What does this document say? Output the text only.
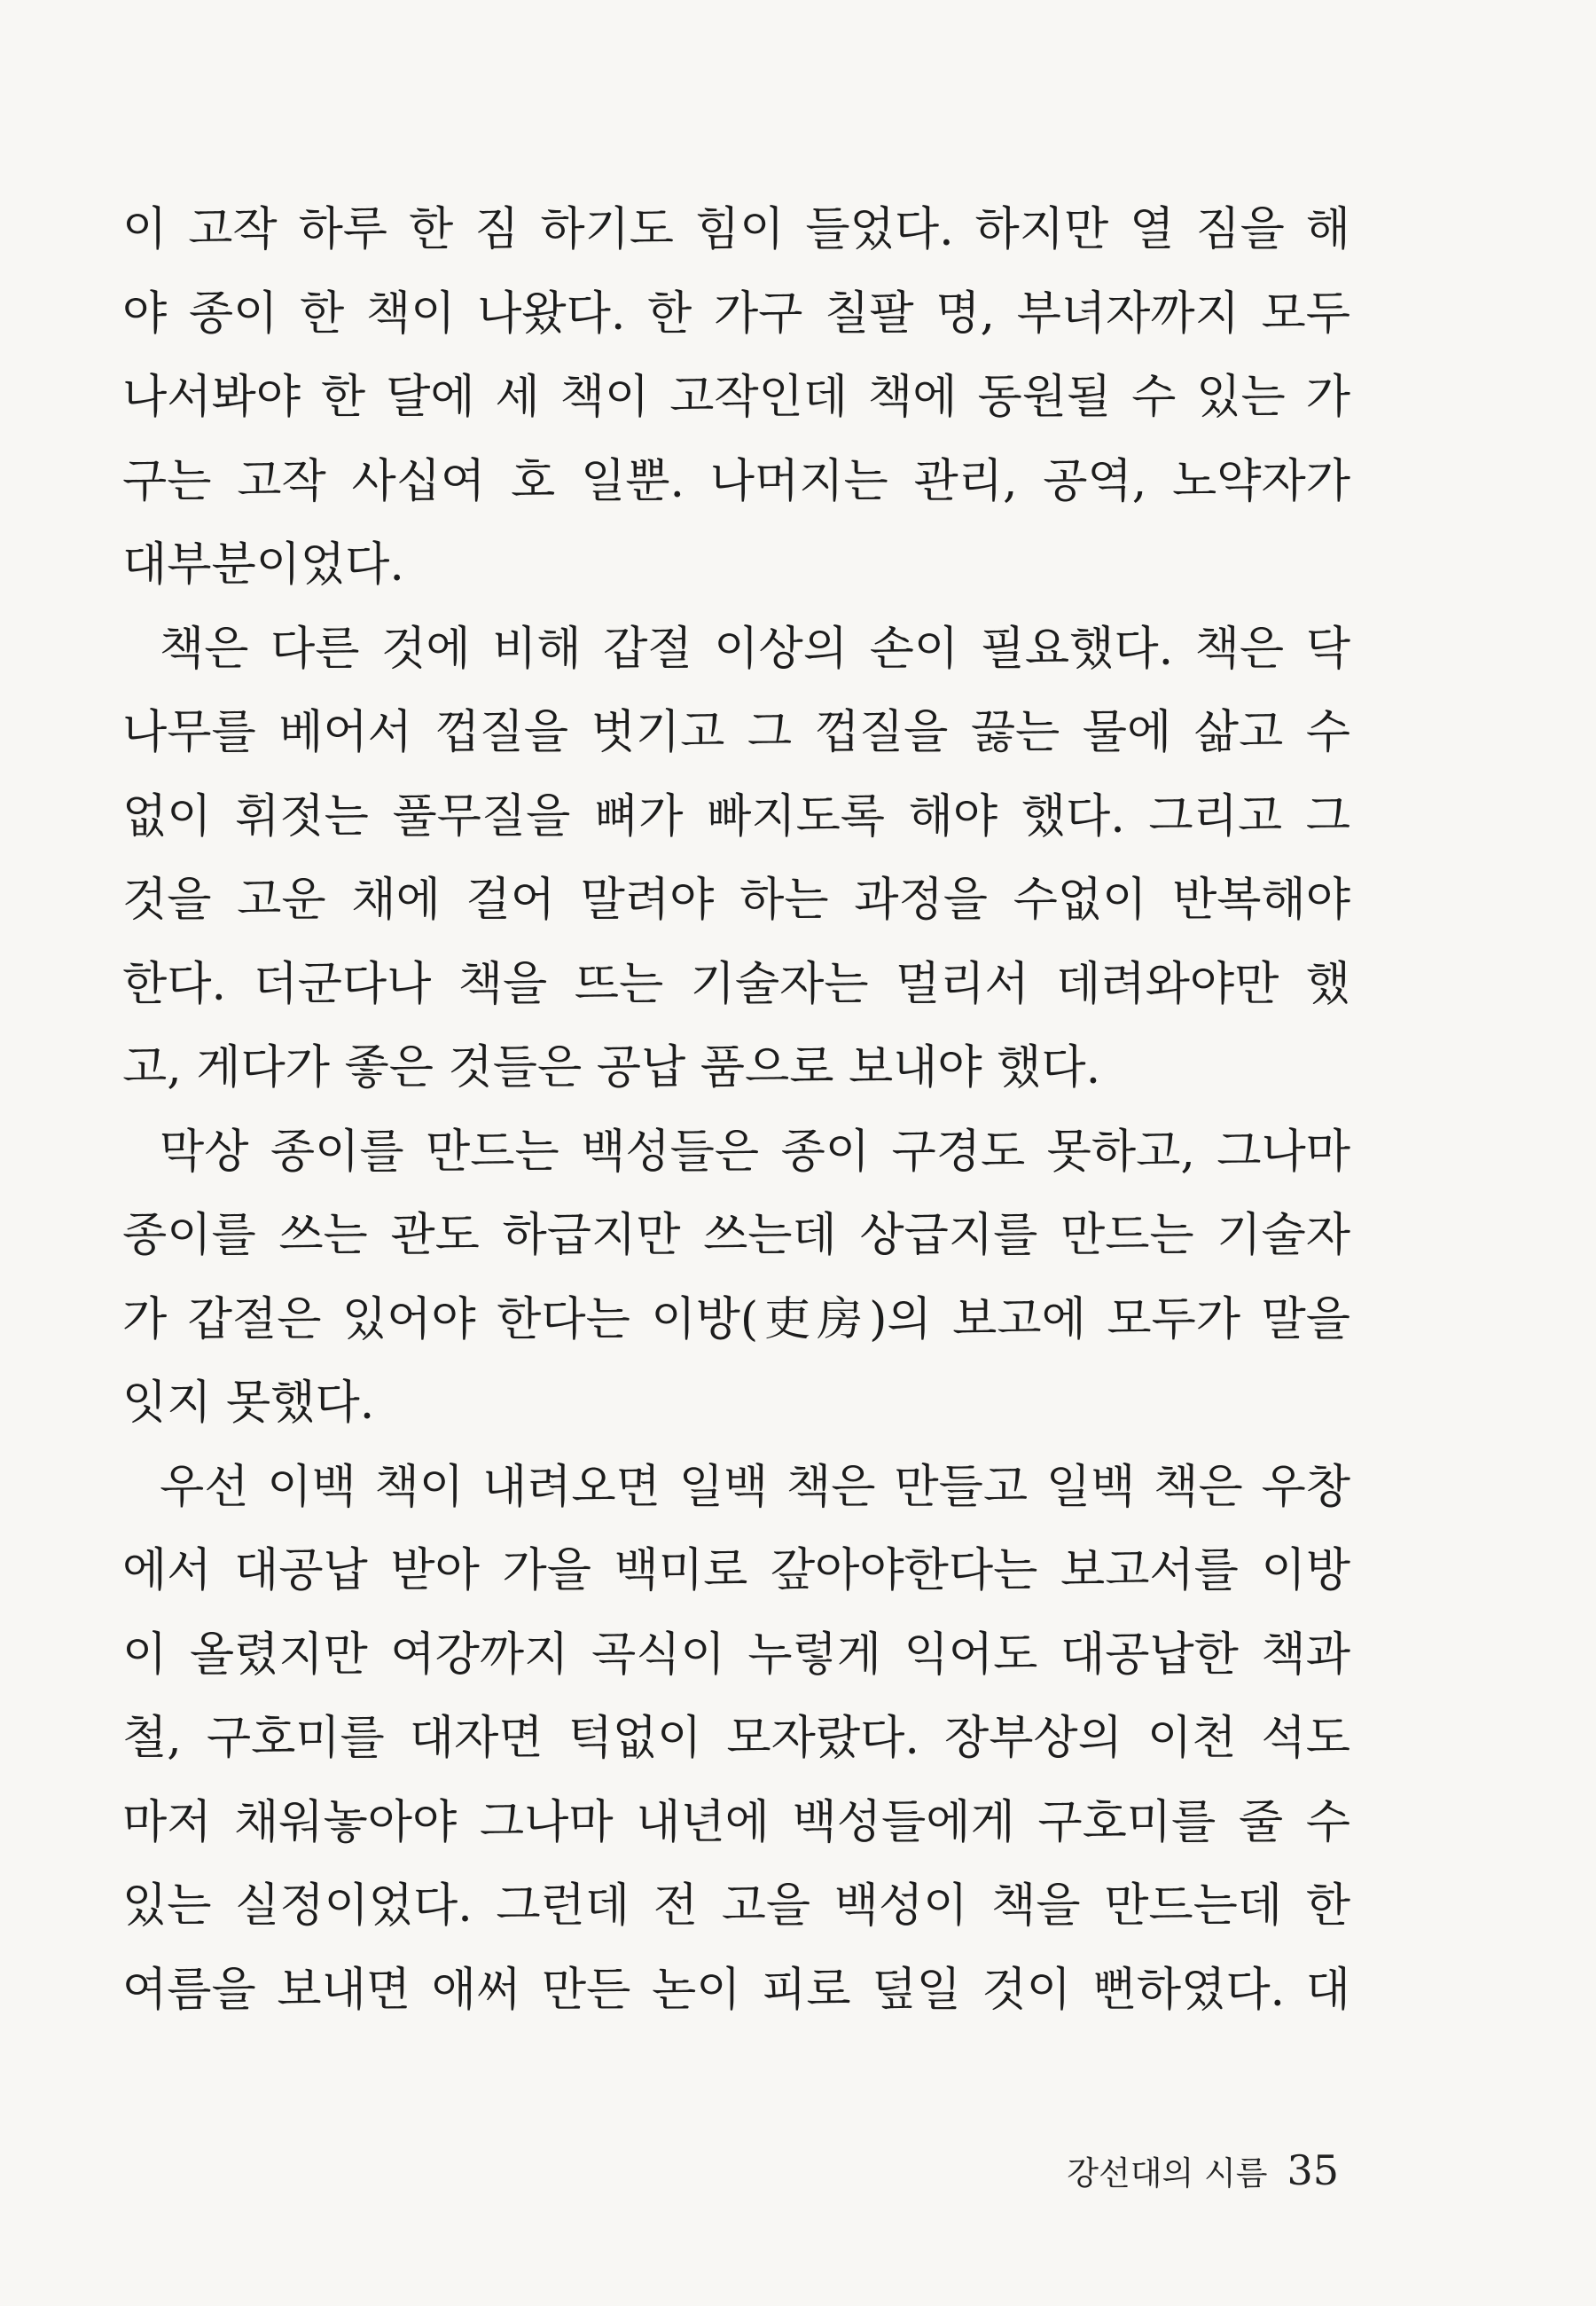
이 고작 하루 한 짐 하기도 힘이 들었다. 하지만 열 짐을 해
야 종이 한 책이 나왔다. 한 가구 칠팔 명, 부녀자까지 모두
나서봐야 한 달에 세 책이 고작인데 책에 동원될 수 있는 가
구는 고작 사십여 호 일뿐. 나머지는 관리, 공역, 노약자가
대부분이었다.
책은 다른 것에 비해 갑절 이상의 손이 필요했다. 책은 닥
나무를 베어서 껍질을 벗기고 그 껍질을 끓는 물에 삶고 수
없이 휘젓는 풀무질을 뼈가 빠지도록 해야 했다. 그리고 그
것을 고운 채에 걸어 말려야 하는 과정을 수없이 반복해야
한다. 더군다나 책을 뜨는 기술자는 멀리서 데려와야만 했
고, 게다가 좋은 것들은 공납 품으로 보내야 했다.
막상 종이를 만드는 백성들은 종이 구경도 못하고, 그나마
종이를 쓰는 관도 하급지만 쓰는데 상급지를 만드는 기술자
가 갑절은 있어야 한다는 이방(吏房)의 보고에 모두가 말을
잇지 못했다.
우선 이백 책이 내려오면 일백 책은 만들고 일백 책은 우창
에서 대공납 받아 가을 백미로 갚아야한다는 보고서를 이방
이 올렸지만 여강까지 곡식이 누렇게 익어도 대공납한 책과
철, 구호미를 대자면 턱없이 모자랐다. 장부상의 이천 석도
마저 채워놓아야 그나마 내년에 백성들에게 구호미를 줄 수
있는 실정이었다. 그런데 전 고을 백성이 책을 만드는데 한
여름을 보내면 애써 만든 논이 피로 덮일 것이 뻔하였다. 대
강선대의 시름 35
